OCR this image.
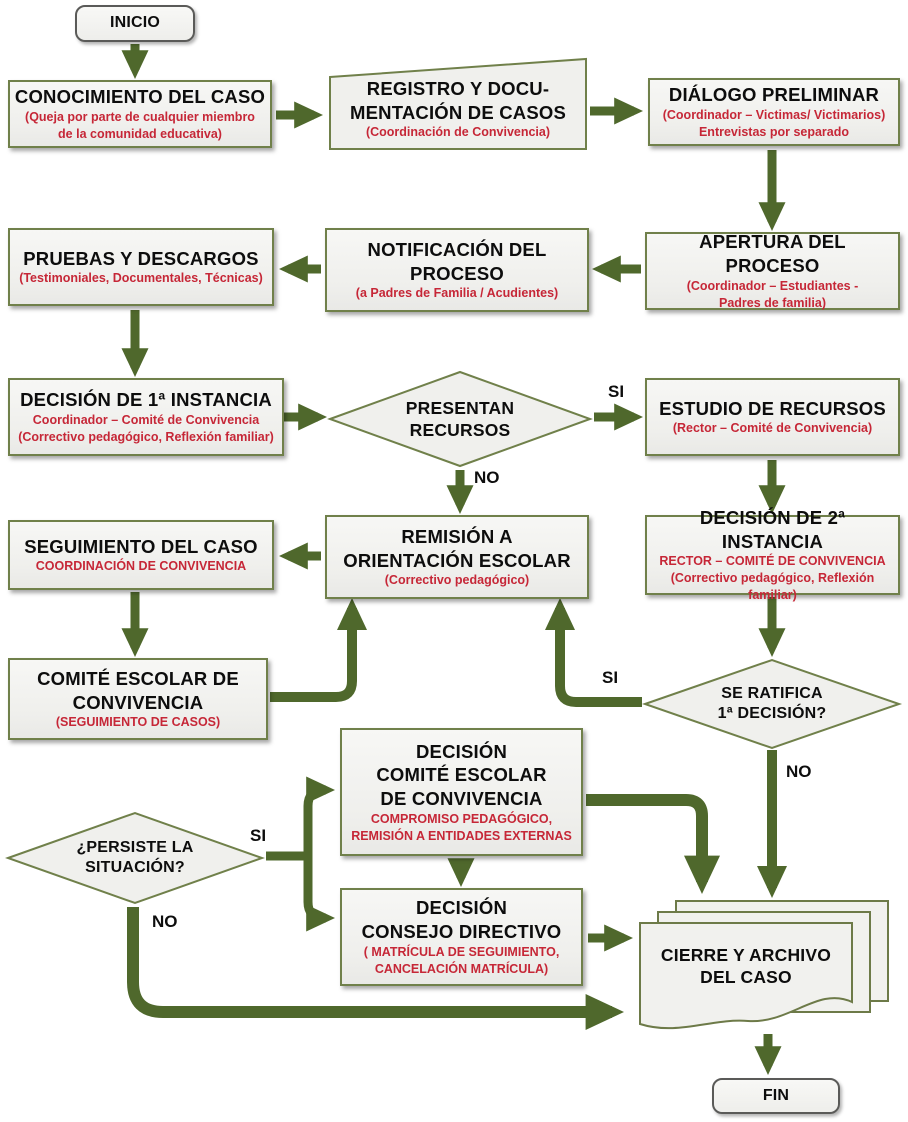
INICIO
FIN
CONOCIMIENTO DEL CASO
(Queja por parte de cualquier miembro
de la comunidad educativa)
REGISTRO Y DOCU-
MENTACIÓN DE CASOS
(Coordinación de Convivencia)
DIÁLOGO PRELIMINAR
(Coordinador – Victimas/ Victimarios)
Entrevistas por separado
APERTURA DEL PROCESO
(Coordinador – Estudiantes -
Padres de familia)
NOTIFICACIÓN DEL
PROCESO
(a Padres de Familia / Acudientes)
PRUEBAS Y DESCARGOS
(Testimoniales, Documentales, Técnicas)
DECISIÓN DE 1ª INSTANCIA
Coordinador – Comité de Convivencia
(Correctivo pedagógico, Reflexión familiar)
PRESENTAN
RECURSOS
ESTUDIO DE RECURSOS
(Rector – Comité de Convivencia)
SEGUIMIENTO DEL CASO
COORDINACIÓN DE CONVIVENCIA
REMISIÓN A
ORIENTACIÓN ESCOLAR
(Correctivo pedagógico)
DECISIÓN DE 2ª INSTANCIA
RECTOR – COMITÉ DE CONVIVENCIA
(Correctivo pedagógico, Reflexión familiar)
COMITÉ ESCOLAR DE
CONVIVENCIA
(SEGUIMIENTO DE CASOS)
SE RATIFICA
1ª DECISIÓN?
¿PERSISTE LA
SITUACIÓN?
DECISIÓN
COMITÉ ESCOLAR
DE CONVIVENCIA
COMPROMISO PEDAGÓGICO,
REMISIÓN A ENTIDADES EXTERNAS
DECISIÓN
CONSEJO DIRECTIVO
( MATRÍCULA DE SEGUIMIENTO,
CANCELACIÓN MATRÍCULA)
CIERRE Y ARCHIVO
DEL CASO
SI
NO
SI
NO
SI
NO
